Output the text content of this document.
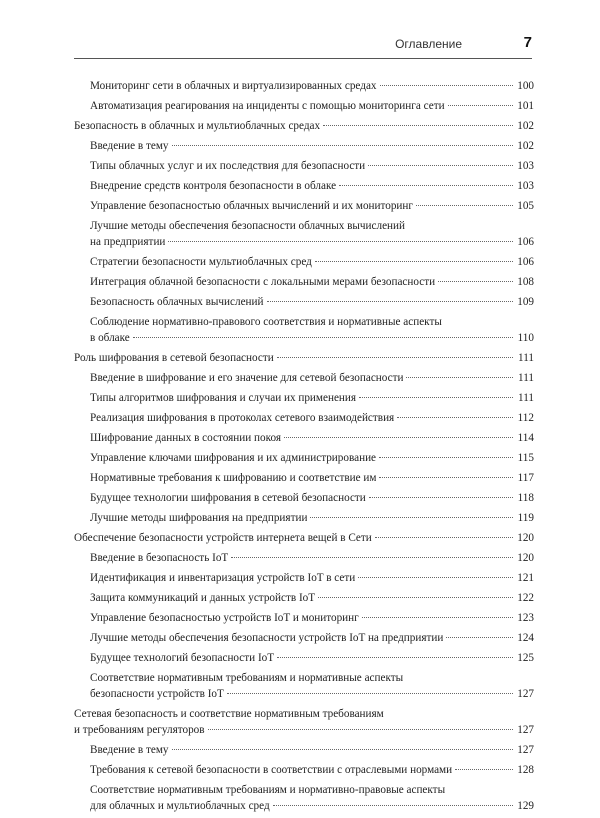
Оглавление	7
Мониторинг сети в облачных и виртуализированных средах	100
Автоматизация реагирования на инциденты с помощью мониторинга сети	101
Безопасность в облачных и мультиоблачных средах	102
Введение в тему	102
Типы облачных услуг и их последствия для безопасности	103
Внедрение средств контроля безопасности в облаке	103
Управление безопасностью облачных вычислений и их мониторинг	105
Лучшие методы обеспечения безопасности облачных вычислений
на предприятии	106
Стратегии безопасности мультиоблачных сред	106
Интеграция облачной безопасности с локальными мерами безопасности	108
Безопасность облачных вычислений	109
Соблюдение нормативно-правового соответствия и нормативные аспекты
в облаке	110
Роль шифрования в сетевой безопасности	111
Введение в шифрование и его значение для сетевой безопасности	111
Типы алгоритмов шифрования и случаи их применения	111
Реализация шифрования в протоколах сетевого взаимодействия	112
Шифрование данных в состоянии покоя	114
Управление ключами шифрования и их администрирование	115
Нормативные требования к шифрованию и соответствие им	117
Будущее технологии шифрования в сетевой безопасности	118
Лучшие методы шифрования на предприятии	119
Обеспечение безопасности устройств интернета вещей в Сети	120
Введение в безопасность IoT	120
Идентификация и инвентаризация устройств IoT в сети	121
Защита коммуникаций и данных устройств IoT	122
Управление безопасностью устройств IoT и мониторинг	123
Лучшие методы обеспечения безопасности устройств IoT на предприятии	124
Будущее технологий безопасности IoT	125
Соответствие нормативным требованиям и нормативные аспекты
безопасности устройств IoT	127
Сетевая безопасность и соответствие нормативным требованиям
и требованиям регуляторов	127
Введение в тему	127
Требования к сетевой безопасности в соответствии с отраслевыми нормами	128
Соответствие нормативным требованиям и нормативно-правовые аспекты
для облачных и мультиоблачных сред	129
